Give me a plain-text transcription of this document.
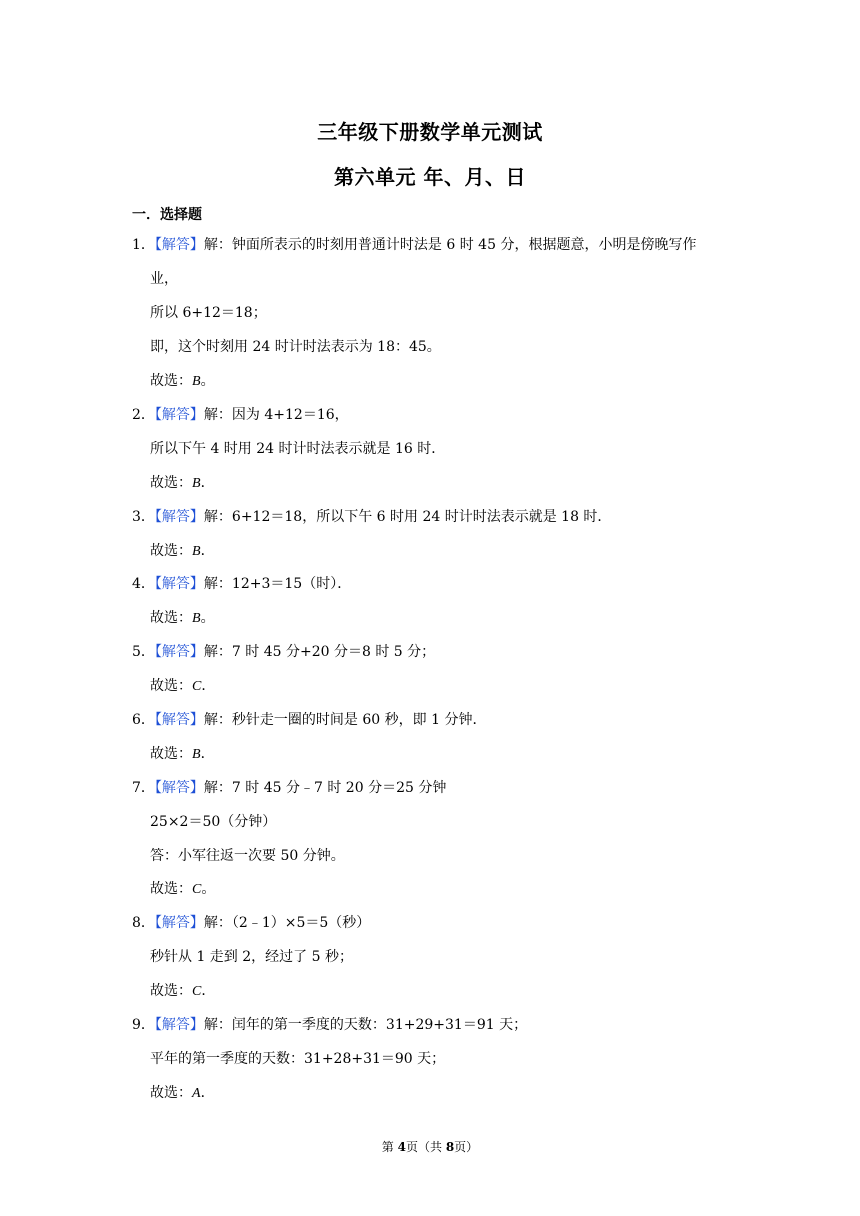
三年级下册数学单元测试
第六单元 年、月、日
一．选择题
1．【解答】解：钟面所表示的时刻用普通计时法是 6 时 45 分，根据题意，小明是傍晚写作
业，
所以 6+12＝18；
即，这个时刻用 24 时计时法表示为 18：45。
故选：B。
2．【解答】解：因为 4+12＝16，
所以下午 4 时用 24 时计时法表示就是 16 时．
故选：B．
3．【解答】解：6+12＝18，所以下午 6 时用 24 时计时法表示就是 18 时．
故选：B．
4．【解答】解：12+3＝15（时）．
故选：B。
5．【解答】解：7 时 45 分+20 分＝8 时 5 分；
故选：C．
6．【解答】解：秒针走一圈的时间是 60 秒，即 1 分钟．
故选：B．
7．【解答】解：7 时 45 分﹣7 时 20 分＝25 分钟
25×2＝50（分钟）
答：小军往返一次要 50 分钟。
故选：C。
8．【解答】解：（2﹣1）×5＝5（秒）
秒针从 1 走到 2，经过了 5 秒；
故选：C．
9．【解答】解：闰年的第一季度的天数：31+29+31＝91 天；
平年的第一季度的天数：31+28+31＝90 天；
故选：A．
第 4页（共 8页）
